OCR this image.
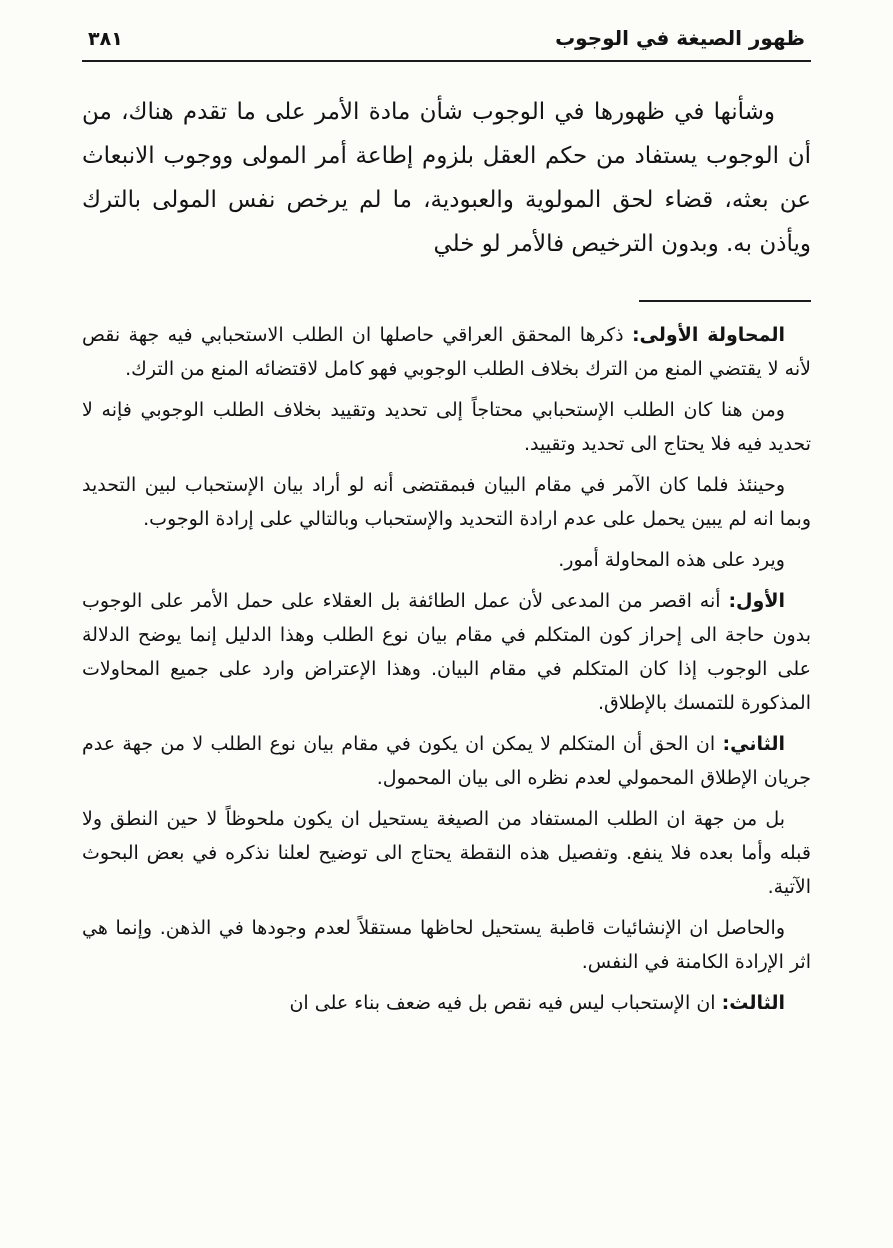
ظهور الصيغة في الوجوب
٣٨١

وشأنها في ظهورها في الوجوب شأن مادة الأمر على ما تقدم هناك، من أن الوجوب يستفاد من حكم العقل بلزوم إطاعة أمر المولى ووجوب الانبعاث عن بعثه، قضاء لحق المولوية والعبودية، ما لم يرخص نفس المولى بالترك ويأذن به. وبدون الترخيص فالأمر لو خلي

المحاولة الأولى: ذكرها المحقق العراقي حاصلها ان الطلب الاستحبابي فيه جهة نقص لأنه لا يقتضي المنع من الترك بخلاف الطلب الوجوبي فهو كامل لاقتضائه المنع من الترك.

ومن هنا كان الطلب الإستحبابي محتاجاً إلى تحديد وتقييد بخلاف الطلب الوجوبي فإنه لا تحديد فيه فلا يحتاج الى تحديد وتقييد.

وحينئذ فلما كان الآمر في مقام البيان فبمقتضى أنه لو أراد بيان الإستحباب لبين التحديد وبما انه لم يبين يحمل على عدم ارادة التحديد والإستحباب وبالتالي على إرادة الوجوب.

ويرد على هذه المحاولة أمور.

الأول: أنه اقصر من المدعى لأن عمل الطائفة بل العقلاء على حمل الأمر على الوجوب بدون حاجة الى إحراز كون المتكلم في مقام بيان نوع الطلب وهذا الدليل إنما يوضح الدلالة على الوجوب إذا كان المتكلم في مقام البيان. وهذا الإعتراض وارد على جميع المحاولات المذكورة للتمسك بالإطلاق.

الثاني: ان الحق أن المتكلم لا يمكن ان يكون في مقام بيان نوع الطلب لا من جهة عدم جريان الإطلاق المحمولي لعدم نظره الى بيان المحمول.

بل من جهة ان الطلب المستفاد من الصيغة يستحيل ان يكون ملحوظاً لا حين النطق ولا قبله وأما بعده فلا ينفع. وتفصيل هذه النقطة يحتاج الى توضيح لعلنا نذكره في بعض البحوث الآتية.

والحاصل ان الإنشائيات قاطبة يستحيل لحاظها مستقلاً لعدم وجودها في الذهن. وإنما هي اثر الإرادة الكامنة في النفس.

الثالث: ان الإستحباب ليس فيه نقص بل فيه ضعف بناء على ان
